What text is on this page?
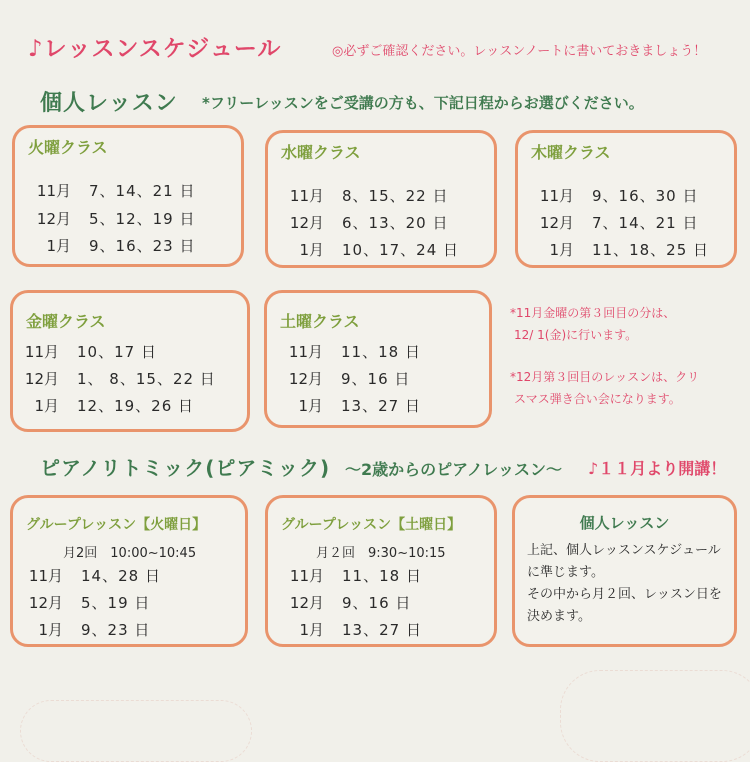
♪レッスンスケジュール	◎必ずご確認ください。レッスンノートに書いておきましょう！
個人レッスン *フリーレッスンをご受講の方も、下記日程からお選びください。
火曜クラス
11月 7、14、21 日
12月 5、12、19 日
1月 9、16、23 日
水曜クラス
11月 8、15、22 日
12月 6、13、20 日
1月 10、17、24 日
木曜クラス
11月 9、16、30 日
12月 7、14、21 日
1月 11、18、25 日
金曜クラス
11月 10、17 日
12月 1、 8、15、22 日
1月 12、19、26 日
土曜クラス
11月 11、18 日
12月 9、16 日
1月 13、27 日
*11月金曜の第３回目の分は、
12/ 1(金)に行います。
*12月第３回目のレッスンは、クリ
スマス弾き合い会になります。
ピアノリトミック(ピアミック) ～2歳からのピアノレッスン～ ♪１１月より開講！
グループレッスン【火曜日】
月2回　10:00~10:45
11月 14、28 日
12月 5、19 日
1月 9、23 日
グループレッスン【土曜日】
月２回　9:30~10:15
11月 11、18 日
12月 9、16 日
1月 13、27 日
個人レッスン
上記、個人レッスンスケジュール
に準じます。
その中から月２回、レッスン日を
決めます。
